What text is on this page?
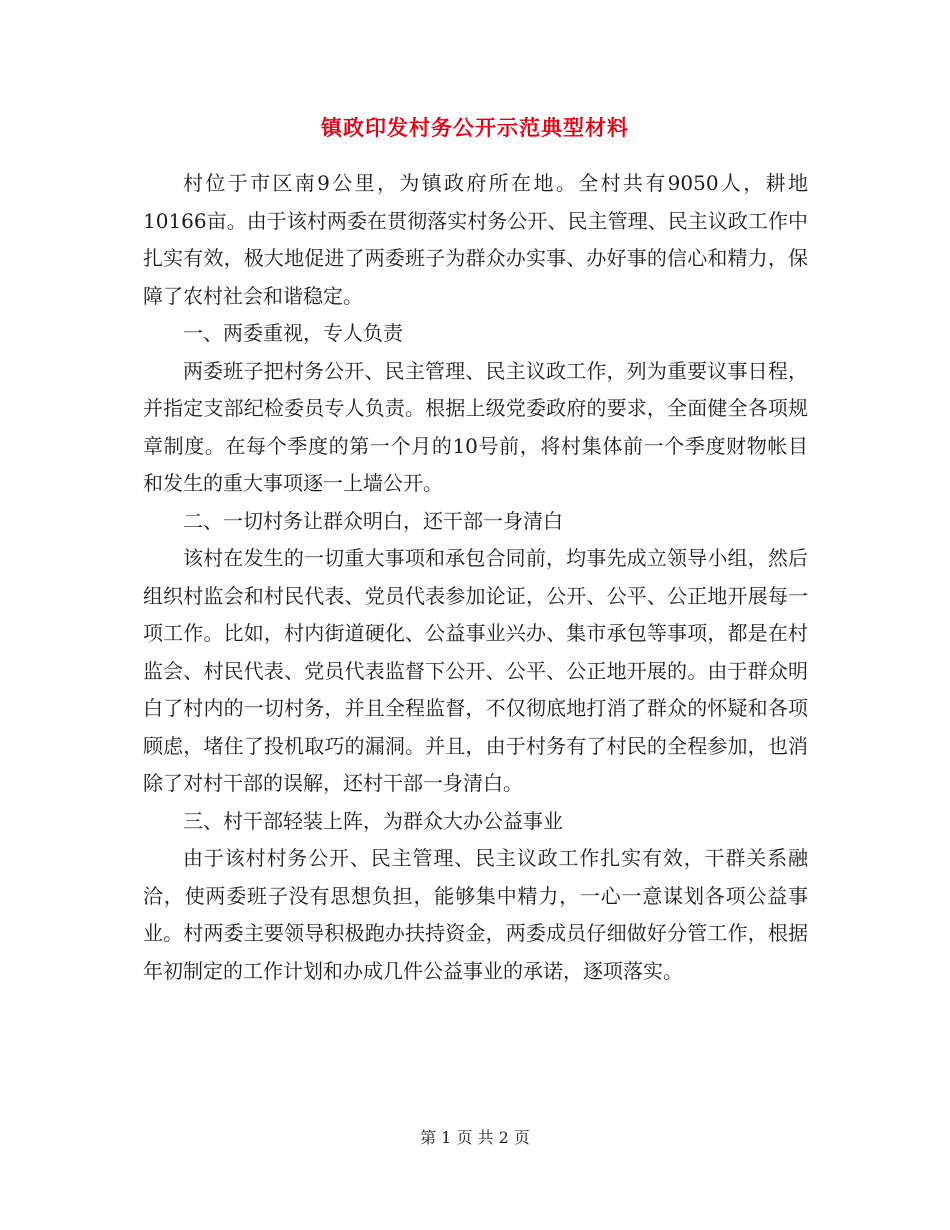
镇政印发村务公开示范典型材料

村位于市区南9公里，为镇政府所在地。全村共有9050人，耕地10166亩。由于该村两委在贯彻落实村务公开、民主管理、民主议政工作中扎实有效，极大地促进了两委班子为群众办实事、办好事的信心和精力，保障了农村社会和谐稳定。

一、两委重视，专人负责

两委班子把村务公开、民主管理、民主议政工作，列为重要议事日程，并指定支部纪检委员专人负责。根据上级党委政府的要求，全面健全各项规章制度。在每个季度的第一个月的10号前，将村集体前一个季度财物帐目和发生的重大事项逐一上墙公开。

二、一切村务让群众明白，还干部一身清白

该村在发生的一切重大事项和承包合同前，均事先成立领导小组，然后组织村监会和村民代表、党员代表参加论证，公开、公平、公正地开展每一项工作。比如，村内街道硬化、公益事业兴办、集市承包等事项，都是在村监会、村民代表、党员代表监督下公开、公平、公正地开展的。由于群众明白了村内的一切村务，并且全程监督，不仅彻底地打消了群众的怀疑和各项顾虑，堵住了投机取巧的漏洞。并且，由于村务有了村民的全程参加，也消除了对村干部的误解，还村干部一身清白。

三、村干部轻装上阵，为群众大办公益事业

由于该村村务公开、民主管理、民主议政工作扎实有效，干群关系融洽，使两委班子没有思想负担，能够集中精力，一心一意谋划各项公益事业。村两委主要领导积极跑办扶持资金，两委成员仔细做好分管工作，根据年初制定的工作计划和办成几件公益事业的承诺，逐项落实。

第 1 页 共 2 页
